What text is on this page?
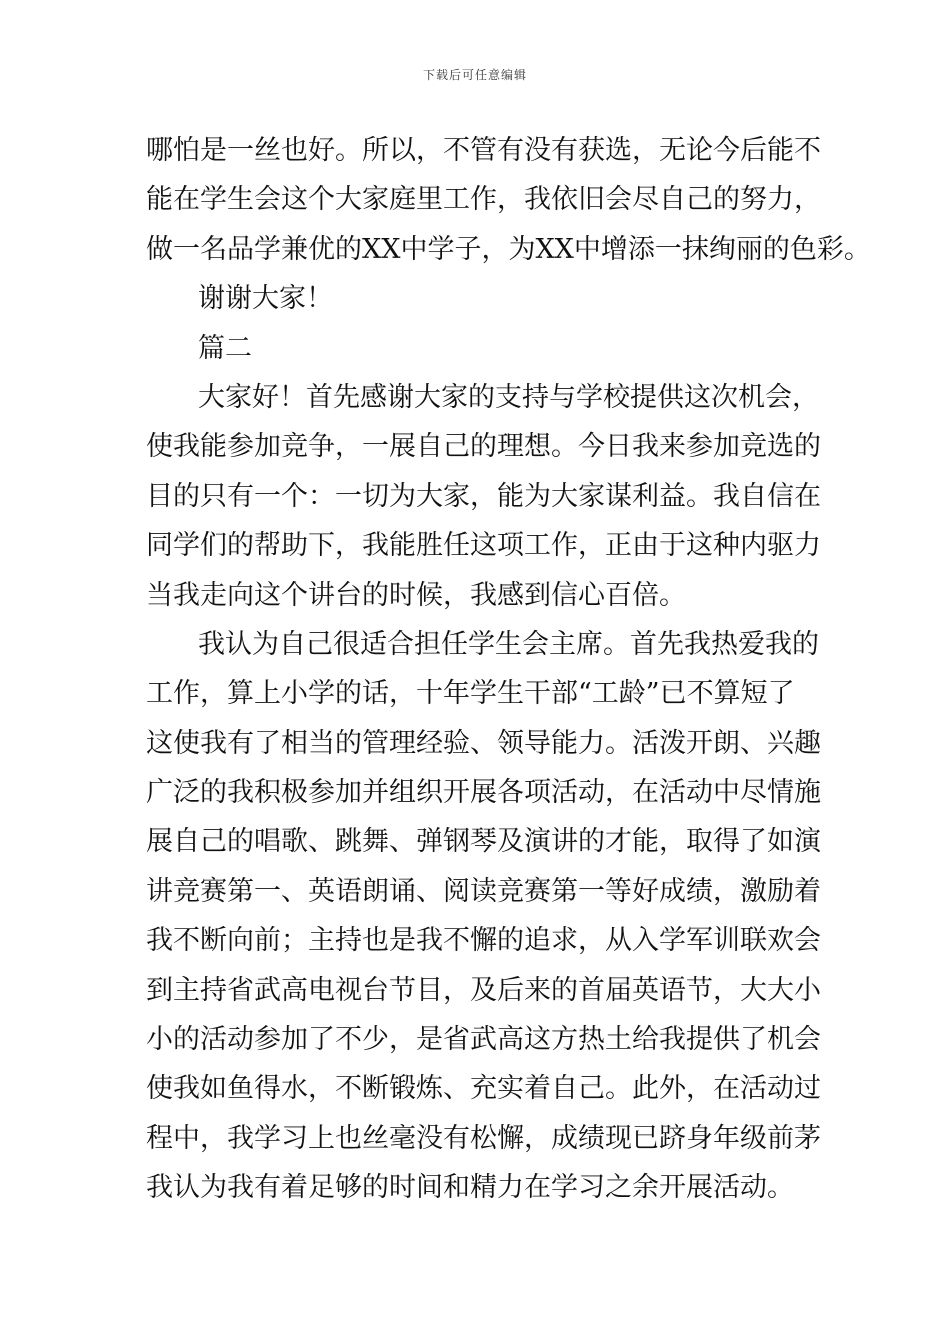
下载后可任意编辑
哪怕是一丝也好。所以，不管有没有获选，无论今后能不
能在学生会这个大家庭里工作，我依旧会尽自己的努力，
做一名品学兼优的XX中学子，为XX中增添一抹绚丽的色彩。
谢谢大家！
篇二
大家好！首先感谢大家的支持与学校提供这次机会，
使我能参加竞争，一展自己的理想。今日我来参加竞选的
目的只有一个：一切为大家，能为大家谋利益。我自信在
同学们的帮助下，我能胜任这项工作，正由于这种内驱力
当我走向这个讲台的时候，我感到信心百倍。
我认为自己很适合担任学生会主席。首先我热爱我的
工作，算上小学的话，十年学生干部“工龄”已不算短了
这使我有了相当的管理经验、领导能力。活泼开朗、兴趣
广泛的我积极参加并组织开展各项活动，在活动中尽情施
展自己的唱歌、跳舞、弹钢琴及演讲的才能，取得了如演
讲竞赛第一、英语朗诵、阅读竞赛第一等好成绩，激励着
我不断向前；主持也是我不懈的追求，从入学军训联欢会
到主持省武高电视台节目，及后来的首届英语节，大大小
小的活动参加了不少，是省武高这方热土给我提供了机会
使我如鱼得水，不断锻炼、充实着自己。此外，在活动过
程中，我学习上也丝毫没有松懈，成绩现已跻身年级前茅
我认为我有着足够的时间和精力在学习之余开展活动。
